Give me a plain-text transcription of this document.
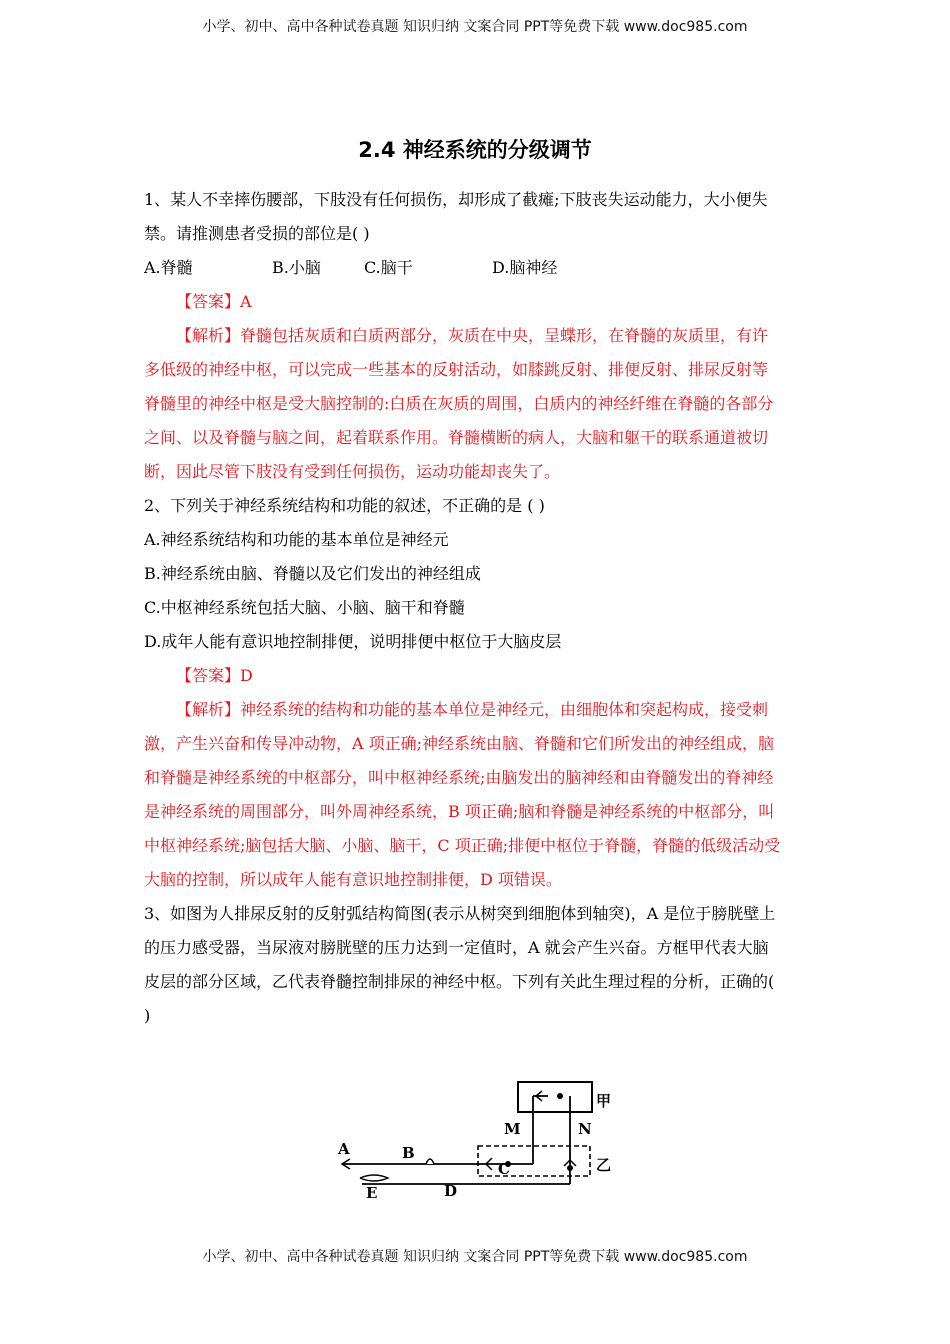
小学、初中、高中各种试卷真题 知识归纳 文案合同 PPT等免费下载 www.doc985.com
2.4 神经系统的分级调节
1、某人不幸摔伤腰部，下肢没有任何损伤，却形成了截瘫;下肢丧失运动能力，大小便失
禁。请推测患者受损的部位是( )
A.脊髓	B.小脑	C.脑干	D.脑神经
【答案】A
【解析】脊髓包括灰质和白质两部分，灰质在中央，呈蝶形，在脊髓的灰质里，有许
多低级的神经中枢，可以完成一些基本的反射活动，如膝跳反射、排便反射、排尿反射等
脊髓里的神经中枢是受大脑控制的:白质在灰质的周围，白质内的神经纤维在脊髓的各部分
之间、以及脊髓与脑之间，起着联系作用。脊髓横断的病人，大脑和躯干的联系通道被切
断，因此尽管下肢没有受到任何损伤，运动功能却丧失了。
2、下列关于神经系统结构和功能的叙述，不正确的是 ( )
A.神经系统结构和功能的基本单位是神经元
B.神经系统由脑、脊髓以及它们发出的神经组成
C.中枢神经系统包括大脑、小脑、脑干和脊髓
D.成年人能有意识地控制排便，说明排便中枢位于大脑皮层
【答案】D
【解析】神经系统的结构和功能的基本单位是神经元，由细胞体和突起构成，接受刺
激，产生兴奋和传导冲动物，A 项正确;神经系统由脑、脊髓和它们所发出的神经组成，脑
和脊髓是神经系统的中枢部分，叫中枢神经系统;由脑发出的脑神经和由脊髓发出的脊神经
是神经系统的周围部分，叫外周神经系统，B 项正确;脑和脊髓是神经系统的中枢部分，叫
中枢神经系统;脑包括大脑、小脑、脑干，C 项正确;排便中枢位于脊髓，脊髓的低级活动受
大脑的控制，所以成年人能有意识地控制排便，D 项错误。
3、如图为人排尿反射的反射弧结构简图(表示从树突到细胞体到轴突)，A 是位于膀胱壁上
的压力感受器，当尿液对膀胱壁的压力达到一定值时，A 就会产生兴奋。方框甲代表大脑
皮层的部分区域，乙代表脊髓控制排尿的神经中枢。下列有关此生理过程的分析，正确的(
)
A	B
C
E	D
M	N
甲
乙
小学、初中、高中各种试卷真题 知识归纳 文案合同 PPT等免费下载 www.doc985.com
